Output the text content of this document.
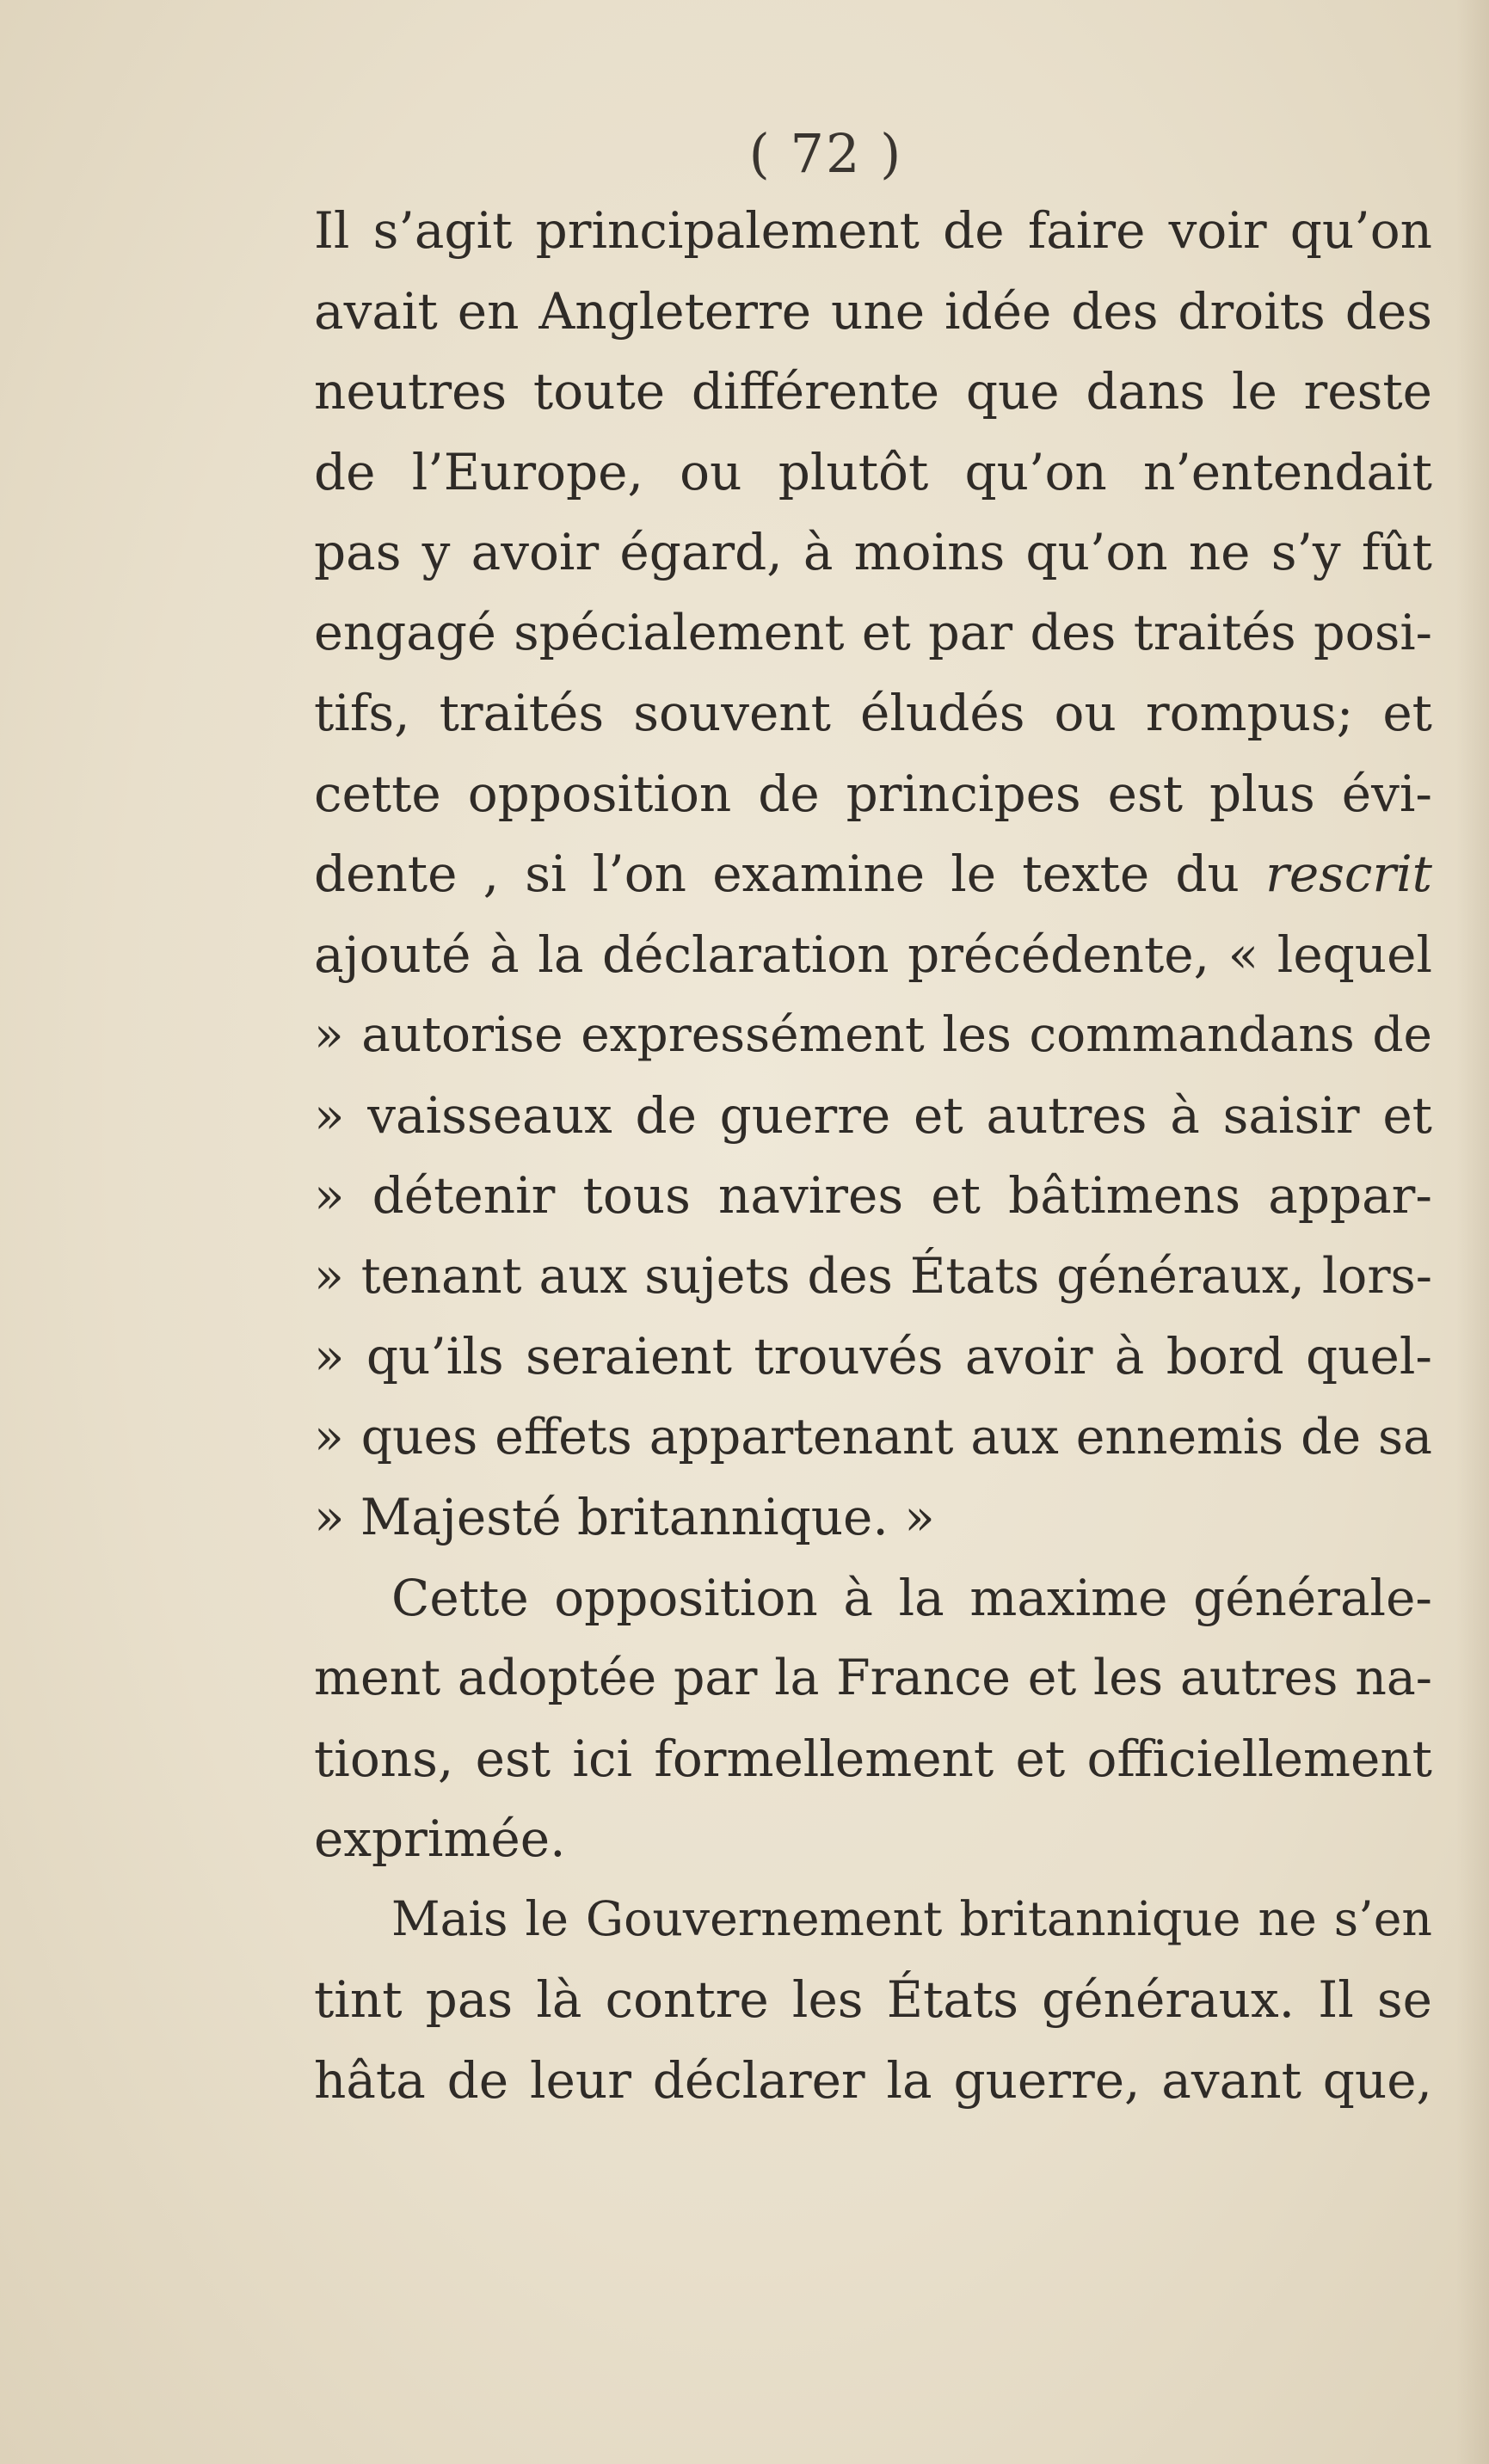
( 72 )
Il s’agit principalement de faire voir qu’on
avait en Angleterre une idée des droits des
neutres toute différente que dans le reste
de l’Europe, ou plutôt qu’on n’entendait
pas y avoir égard, à moins qu’on ne s’y fût
engagé spécialement et par des traités posi-
tifs, traités souvent éludés ou rompus; et
cette opposition de principes est plus évi-
dente , si l’on examine le texte du rescrit
ajouté à la déclaration précédente, « lequel
» autorise expressément les commandans de
» vaisseaux de guerre et autres à saisir et
» détenir tous navires et bâtimens appar-
» tenant aux sujets des États généraux, lors-
» qu’ils seraient trouvés avoir à bord quel-
» ques effets appartenant aux ennemis de sa
» Majesté britannique. »
Cette opposition à la maxime générale-
ment adoptée par la France et les autres na-
tions, est ici formellement et officiellement
exprimée.
Mais le Gouvernement britannique ne s’en
tint pas là contre les États généraux. Il se
hâta de leur déclarer la guerre, avant que,
